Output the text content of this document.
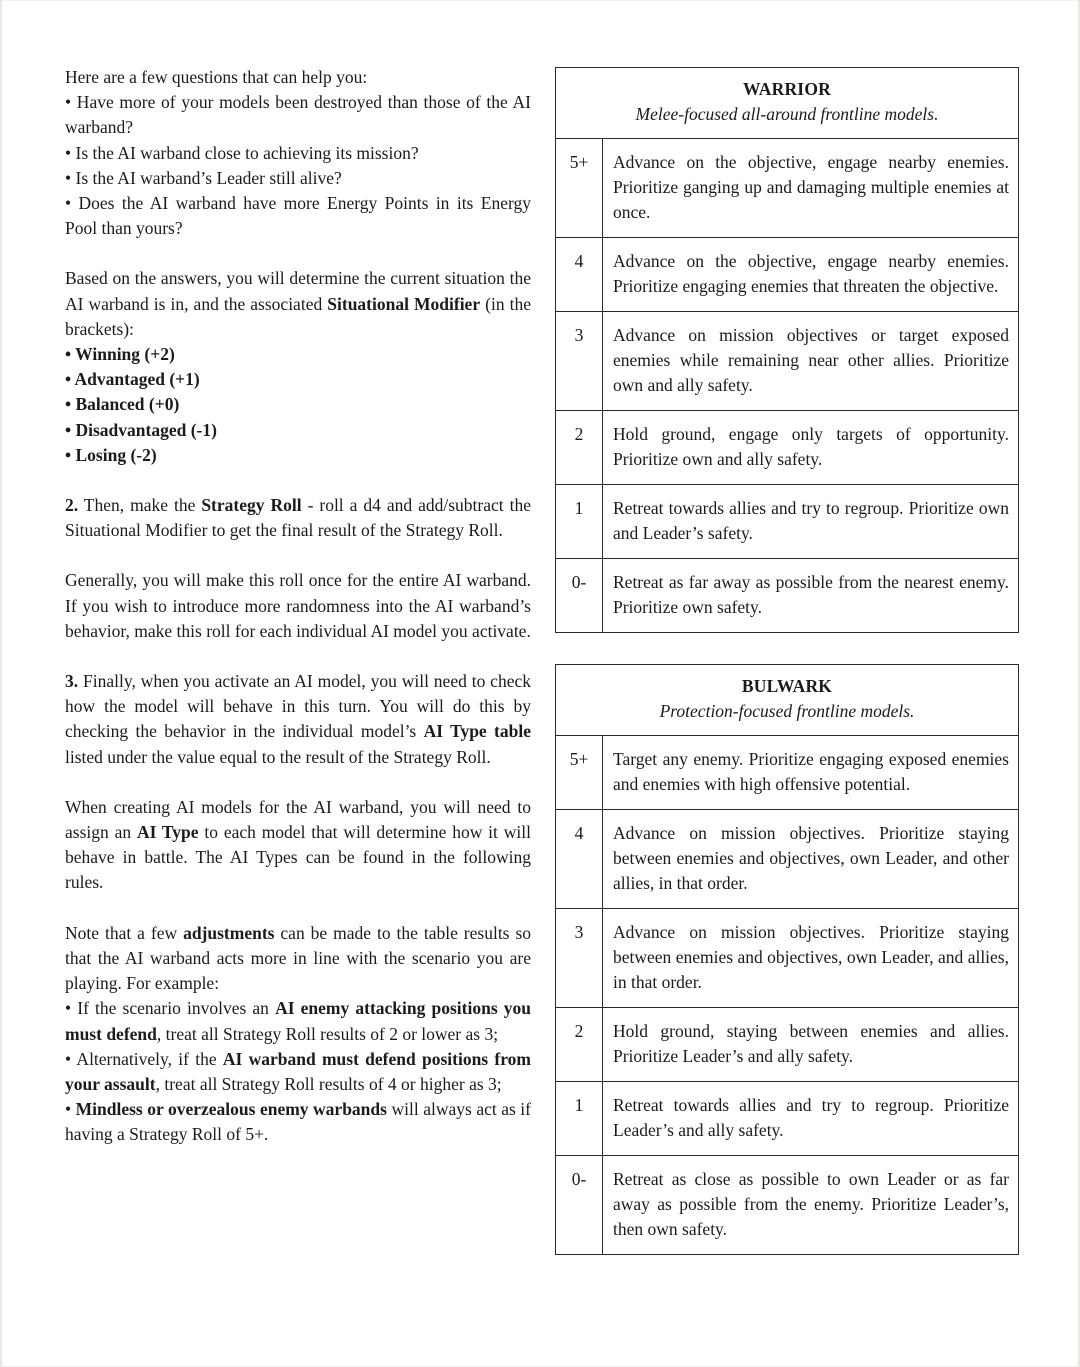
Here are a few questions that can help you:

• Have more of your models been destroyed than those of the AI warband?

• Is the AI warband close to achieving its mission?

• Is the AI warband’s Leader still alive?

• Does the AI warband have more Energy Points in its Energy Pool than yours?

Based on the answers, you will determine the current situation the AI warband is in, and the associated Situational Modifier (in the brackets):

• Winning (+2)

• Advantaged (+1)

• Balanced (+0)

• Disadvantaged (-1)

• Losing (-2)

2. Then, make the Strategy Roll - roll a d4 and add/subtract the Situational Modifier to get the final result of the Strategy Roll.

Generally, you will make this roll once for the entire AI warband. If you wish to introduce more randomness into the AI warband’s behavior, make this roll for each individual AI model you activate.

3. Finally, when you activate an AI model, you will need to check how the model will behave in this turn. You will do this by checking the behavior in the individual model’s AI Type table listed under the value equal to the result of the Strategy Roll.

When creating AI models for the AI warband, you will need to assign an AI Type to each model that will determine how it will behave in battle. The AI Types can be found in the following rules.

Note that a few adjustments can be made to the table results so that the AI warband acts more in line with the scenario you are playing. For example:

• If the scenario involves an AI enemy attacking positions you must defend, treat all Strategy Roll results of 2 or lower as 3;

• Alternatively, if the AI warband must defend positions from your assault, treat all Strategy Roll results of 4 or higher as 3;

• Mindless or overzealous enemy warbands will always act as if having a Strategy Roll of 5+.

WARRIOR
Melee-focused all-around frontline models.	

5+	Advance on the objective, engage nearby enemies. Prioritize ganging up and damaging multiple enemies at once.
4	Advance on the objective, engage nearby enemies. Prioritize engaging enemies that threaten the objective.
3	Advance on mission objectives or target exposed enemies while remaining near other allies. Prioritize own and ally safety.
2	Hold ground, engage only targets of opportunity. Prioritize own and ally safety.
1	Retreat towards allies and try to regroup. Prioritize own and Leader’s safety.
0-	Retreat as far away as possible from the nearest enemy. Prioritize own safety.
BULWARK
Protection-focused frontline models.	

5+	Target any enemy. Prioritize engaging exposed enemies and enemies with high offensive potential.
4	Advance on mission objectives. Prioritize staying between enemies and objectives, own Leader, and other allies, in that order.
3	Advance on mission objectives. Prioritize staying between enemies and objectives, own Leader, and allies, in that order.
2	Hold ground, staying between enemies and allies. Prioritize Leader’s and ally safety.
1	Retreat towards allies and try to regroup. Prioritize Leader’s and ally safety.
0-	Retreat as close as possible to own Leader or as far away as possible from the enemy. Prioritize Leader’s, then own safety.
